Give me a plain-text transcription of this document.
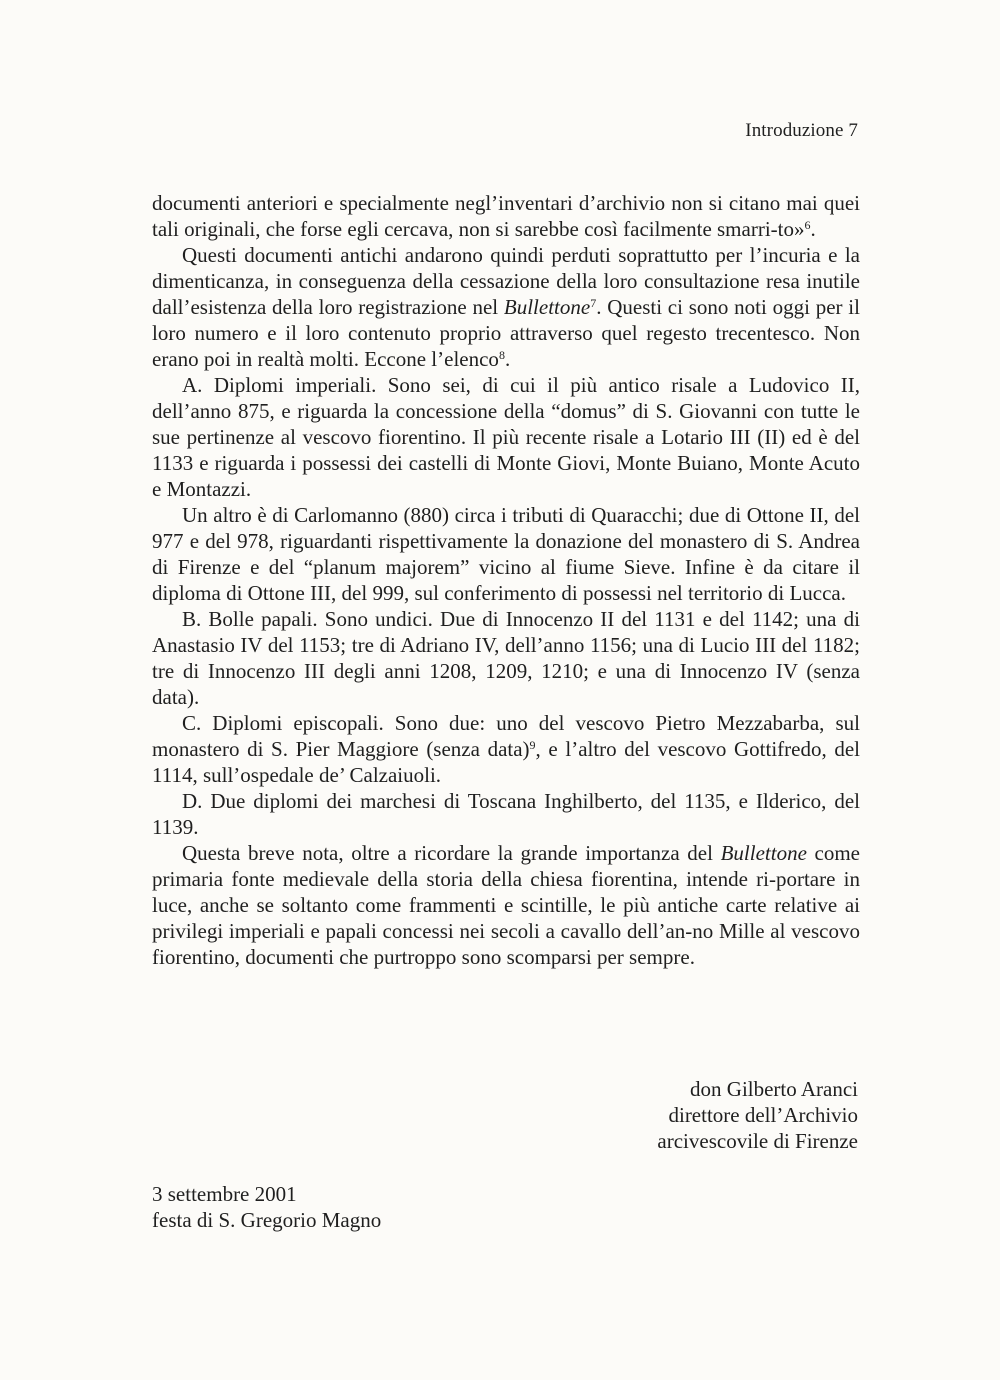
Introduzione 7

documenti anteriori e specialmente negl’inventari d’archivio non si citano mai quei tali originali, che forse egli cercava, non si sarebbe così facilmente smarri-to»$^6$.

Questi documenti antichi andarono quindi perduti soprattutto per l’incuria e la dimenticanza, in conseguenza della cessazione della loro consultazione resa inutile dall’esistenza della loro registrazione nel Bullettone$^7$. Questi ci sono noti oggi per il loro numero e il loro contenuto proprio attraverso quel regesto trecentesco. Non erano poi in realtà molti. Eccone l’elenco$^8$.

A. Diplomi imperiali. Sono sei, di cui il più antico risale a Ludovico II, dell’anno 875, e riguarda la concessione della “domus” di S. Giovanni con tutte le sue pertinenze al vescovo fiorentino. Il più recente risale a Lotario III (II) ed è del 1133 e riguarda i possessi dei castelli di Monte Giovi, Monte Buiano, Monte Acuto e Montazzi.

Un altro è di Carlomanno (880) circa i tributi di Quaracchi; due di Ottone II, del 977 e del 978, riguardanti rispettivamente la donazione del monastero di S. Andrea di Firenze e del “planum majorem” vicino al fiume Sieve. Infine è da citare il diploma di Ottone III, del 999, sul conferimento di possessi nel territorio di Lucca.

B. Bolle papali. Sono undici. Due di Innocenzo II del 1131 e del 1142; una di Anastasio IV del 1153; tre di Adriano IV, dell’anno 1156; una di Lucio III del 1182; tre di Innocenzo III degli anni 1208, 1209, 1210; e una di Innocenzo IV (senza data).

C. Diplomi episcopali. Sono due: uno del vescovo Pietro Mezzabarba, sul monastero di S. Pier Maggiore (senza data)$^9$, e l’altro del vescovo Gottifredo, del 1114, sull’ospedale de’ Calzaiuoli.

D. Due diplomi dei marchesi di Toscana Inghilberto, del 1135, e Ilderico, del 1139.

Questa breve nota, oltre a ricordare la grande importanza del Bullettone come primaria fonte medievale della storia della chiesa fiorentina, intende ri-portare in luce, anche se soltanto come frammenti e scintille, le più antiche carte relative ai privilegi imperiali e papali concessi nei secoli a cavallo dell’an-no Mille al vescovo fiorentino, documenti che purtroppo sono scomparsi per sempre.

don Gilberto Aranci
direttore dell’Archivio
arcivescovile di Firenze
3 settembre 2001
festa di S. Gregorio Magno
